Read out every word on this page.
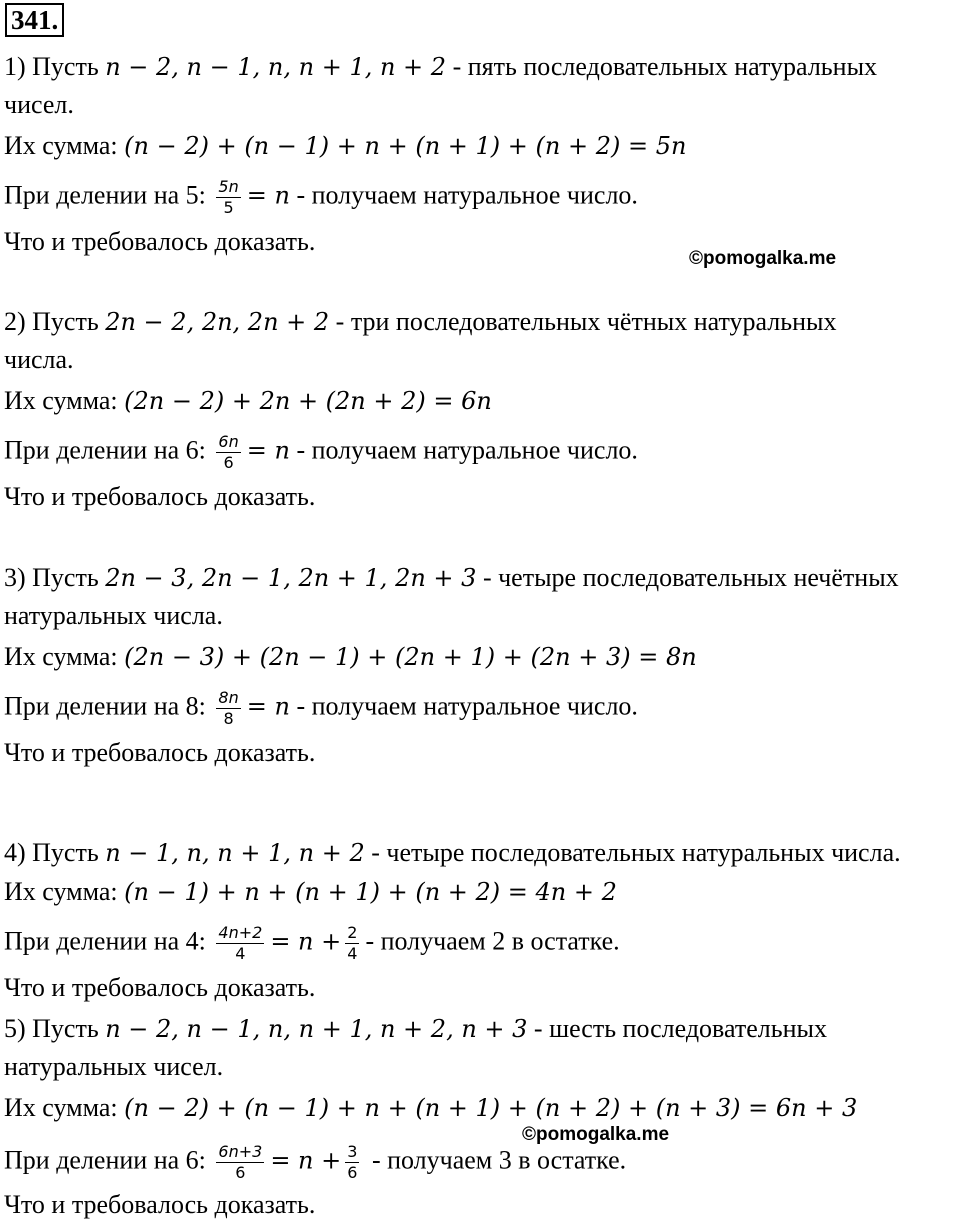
341.
1) Пусть n − 2, n − 1, n, n + 1, n + 2 - пять последовательных натуральных
чисел.
Их сумма: (n − 2) + (n − 1) + n + (n + 1) + (n + 2) = 5n
При делении на 5: $\frac{5n}{5} = n$ - получаем натуральное число.
Что и требовалось доказать.
©pomogalka.me
2) Пусть 2n − 2, 2n, 2n + 2 - три последовательных чётных натуральных
числа.
Их сумма: (2n − 2) + 2n + (2n + 2) = 6n
При делении на 6: $\frac{6n}{6} = n$ - получаем натуральное число.
Что и требовалось доказать.
3) Пусть 2n − 3, 2n − 1, 2n + 1, 2n + 3 - четыре последовательных нечётных
натуральных числа.
Их сумма: (2n − 3) + (2n − 1) + (2n + 1) + (2n + 3) = 8n
При делении на 8: $\frac{8n}{8} = n$ - получаем натуральное число.
Что и требовалось доказать.
4) Пусть n − 1, n, n + 1, n + 2 - четыре последовательных натуральных числа.
Их сумма: (n − 1) + n + (n + 1) + (n + 2) = 4n + 2
При делении на 4: $\frac{4n+2}{4} = n + \frac{2}{4}$ - получаем 2 в остатке.
Что и требовалось доказать.
5) Пусть n − 2, n − 1, n, n + 1, n + 2, n + 3 - шесть последовательных
натуральных чисел.
Их сумма: (n − 2) + (n − 1) + n + (n + 1) + (n + 2) + (n + 3) = 6n + 3
©pomogalka.me
При делении на 6: $\frac{6n+3}{6} = n + \frac{3}{6}$ - получаем 3 в остатке.
Что и требовалось доказать.
